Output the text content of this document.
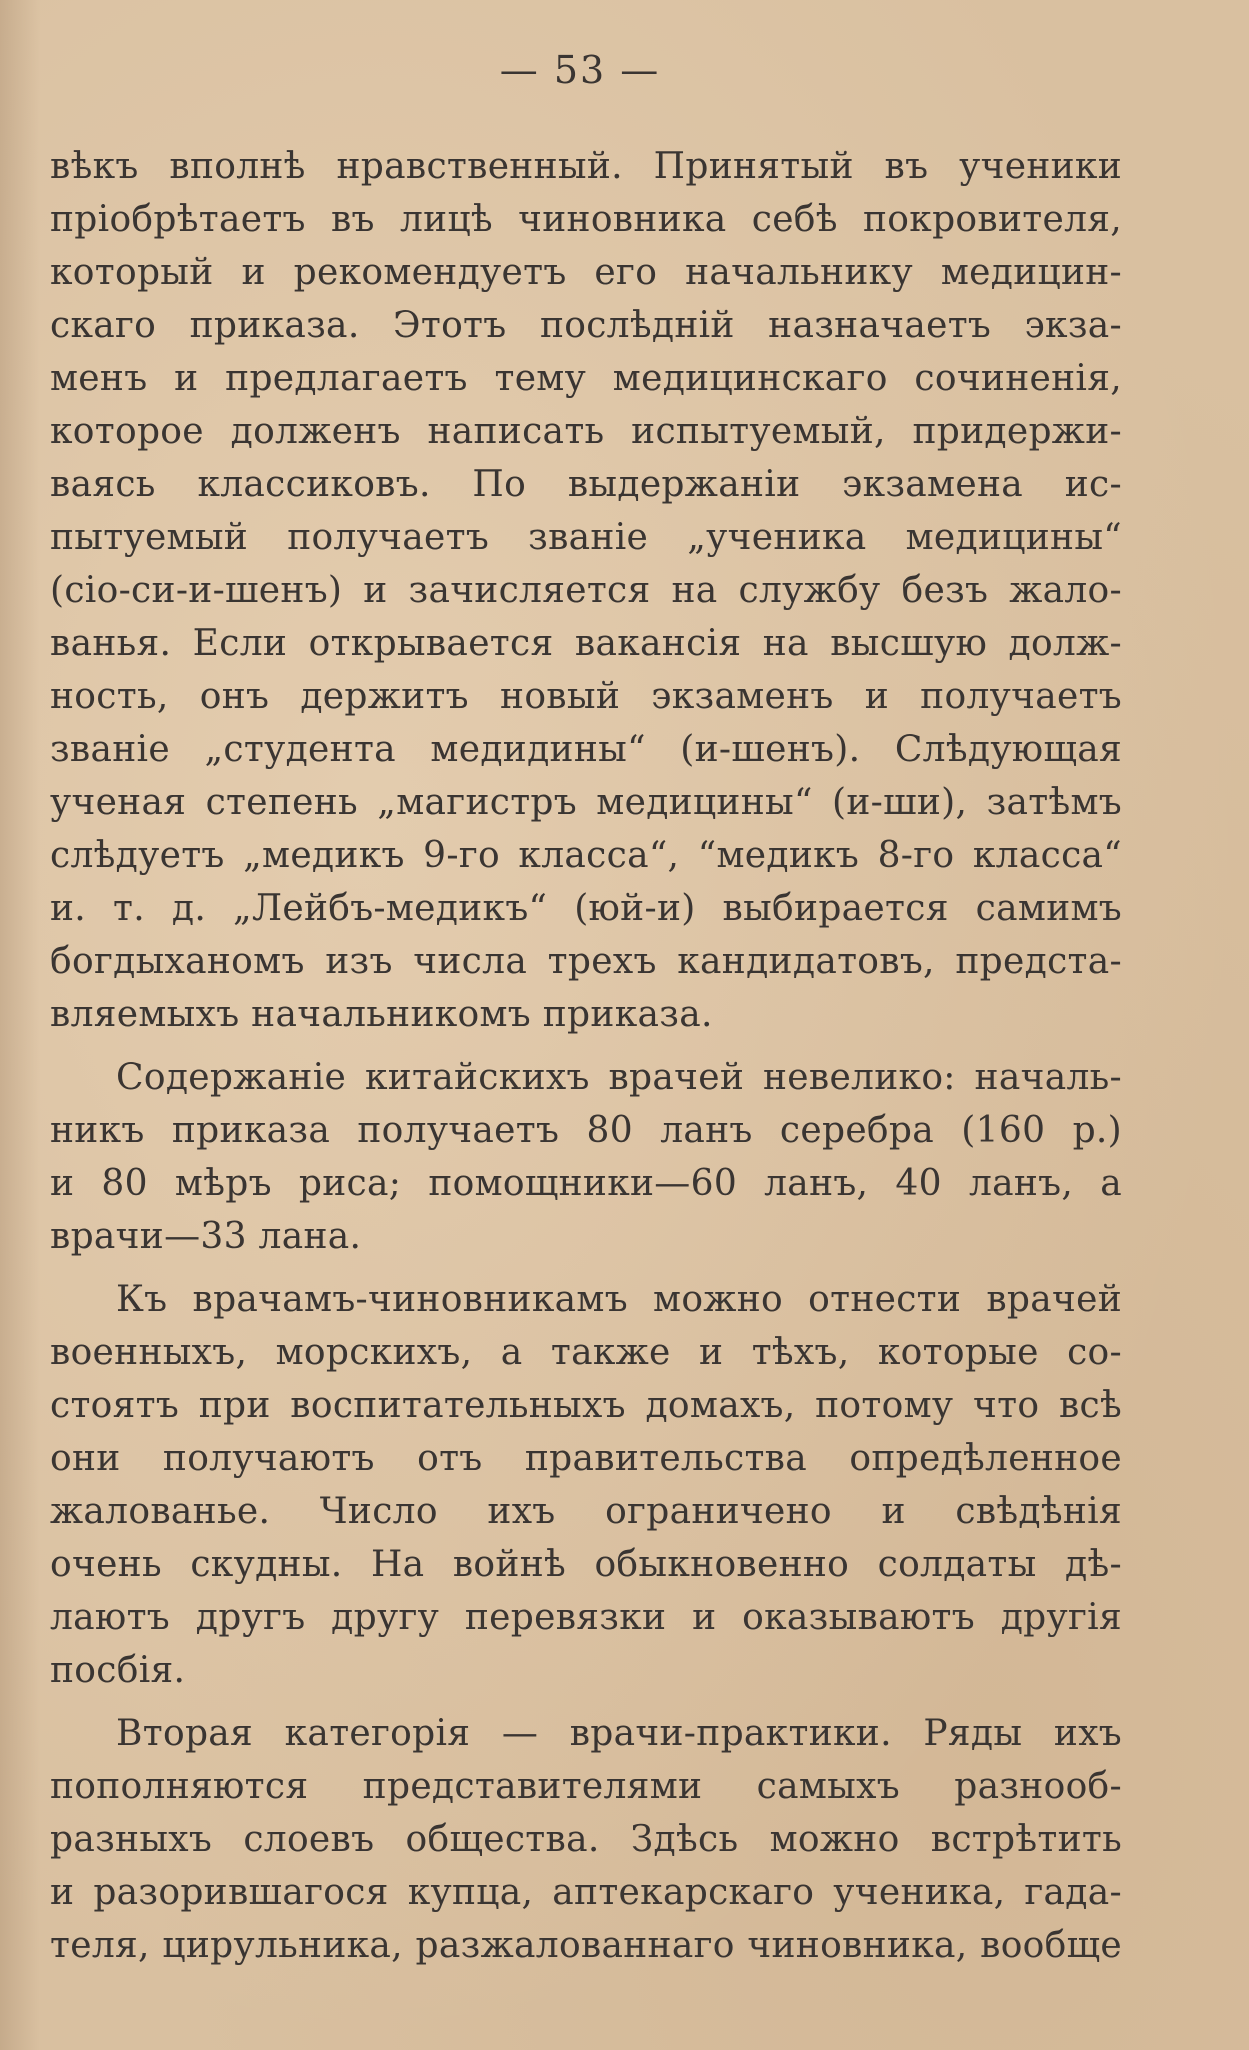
— 53 —
вѣкъ вполнѣ нравственный. Принятый въ ученики
пріобрѣтаетъ въ лицѣ чиновника себѣ покровителя,
который и рекомендуетъ его начальнику медицин-
скаго приказа. Этотъ послѣдній назначаетъ экза-
менъ и предлагаетъ тему медицинскаго сочиненія,
которое долженъ написать испытуемый, придержи-
ваясь классиковъ. По выдержаніи экзамена ис-
пытуемый получаетъ званіе „ученика медицины“
(сіо-си-и-шенъ) и зачисляется на службу безъ жало-
ванья. Если открывается вакансія на высшую долж-
ность, онъ держитъ новый экзаменъ и получаетъ
званіе „студента медидины“ (и-шенъ). Слѣдующая
ученая степень „магистръ медицины“ (и-ши), затѣмъ
слѣдуетъ „медикъ 9-го класса“, “медикъ 8-го класса“
и. т. д. „Лейбъ-медикъ“ (юй-и) выбирается самимъ
богдыханомъ изъ числа трехъ кандидатовъ, предста-
вляемыхъ начальникомъ приказа.
Содержаніе китайскихъ врачей невелико: началь-
никъ приказа получаетъ 80 ланъ серебра (160 р.)
и 80 мѣръ риса; помощники—60 ланъ, 40 ланъ, а
врачи—33 лана.
Къ врачамъ-чиновникамъ можно отнести врачей
военныхъ, морскихъ, а также и тѣхъ, которые со-
стоятъ при воспитательныхъ домахъ, потому что всѣ
они получаютъ отъ правительства опредѣленное
жалованье. Число ихъ ограничено и свѣдѣнія
очень скудны. На войнѣ обыкновенно солдаты дѣ-
лаютъ другъ другу перевязки и оказываютъ другія
посбія.
Вторая категорія — врачи-практики. Ряды ихъ
пополняются представителями самыхъ разнооб-
разныхъ слоевъ общества. Здѣсь можно встрѣтить
и разорившагося купца, аптекарскаго ученика, гада-
теля, цирульника, разжалованнаго чиновника, вообще
